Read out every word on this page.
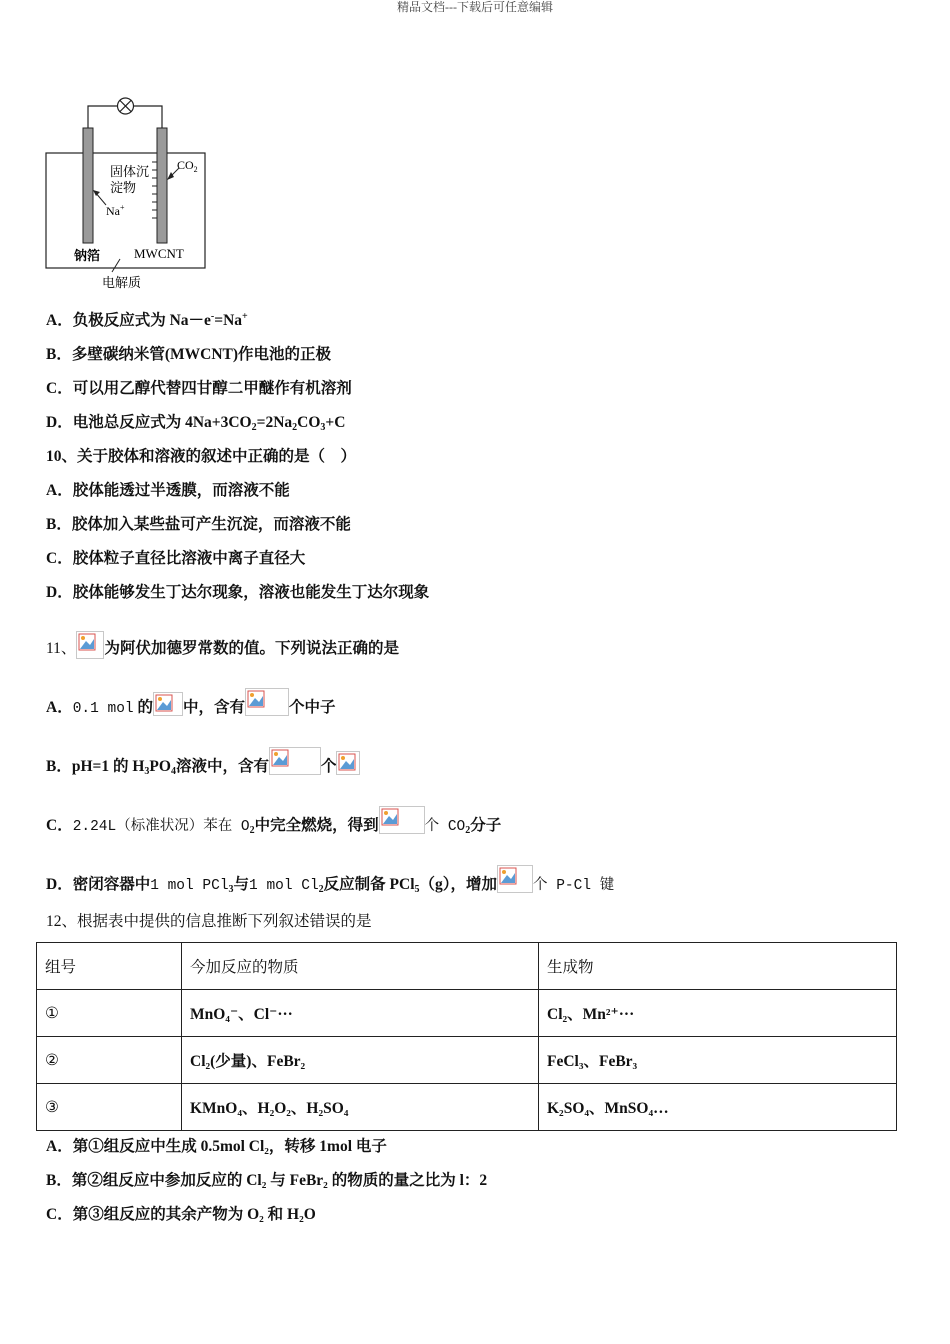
精品文档---下载后可任意编辑
固体沉
淀物
$CO_2$
Na+
钠箔	MWCNT
电解质
A．负极反应式为 Na－e-=Na+
B．多壁碳纳米管(MWCNT)作电池的正极
C．可以用乙醇代替四甘醇二甲醚作有机溶剂
D．电池总反应式为 $4Na+3CO_2=2Na_2CO_3+C$
10、关于胶体和溶液的叙述中正确的是（　）
A．胶体能透过半透膜，而溶液不能
B．胶体加入某些盐可产生沉淀，而溶液不能
C．胶体粒子直径比溶液中离子直径大
D．胶体能够发生丁达尔现象，溶液也能发生丁达尔现象
11、 为阿伏加德罗常数的值。下列说法正确的是
A．0.1 mol 的 中，含有	个中子
B．pH=1 的 $H_3PO_4$溶液中，含有	个
C．2.24L（标准状况）苯在 $O_2$中完全燃烧，得到	个 $CO_2$分子
D．密闭容器中1 mol PCl$_3$与1 mol $Cl_2$反应制备 PCl$_5$（g），增加 个 P-Cl 键
12、根据表中提供的信息推断下列叙述错误的是
组号	今加反应的物质	生成物
①	MnO₄⁻、Cl⁻···	Cl₂、Mn²⁺···
②	Cl₂(少量)、FeBr₂	FeCl₃、FeBr₃
③	KMnO₄、H₂O₂、H₂SO₄	K₂SO₄、MnSO₄…
A．第①组反应中生成 0.5mol Cl₂，转移 1mol 电子
B．第②组反应中参加反应的 Cl₂ 与 FeBr₂ 的物质的量之比为 l：2
C．第③组反应的其余产物为 O₂ 和 H₂O
